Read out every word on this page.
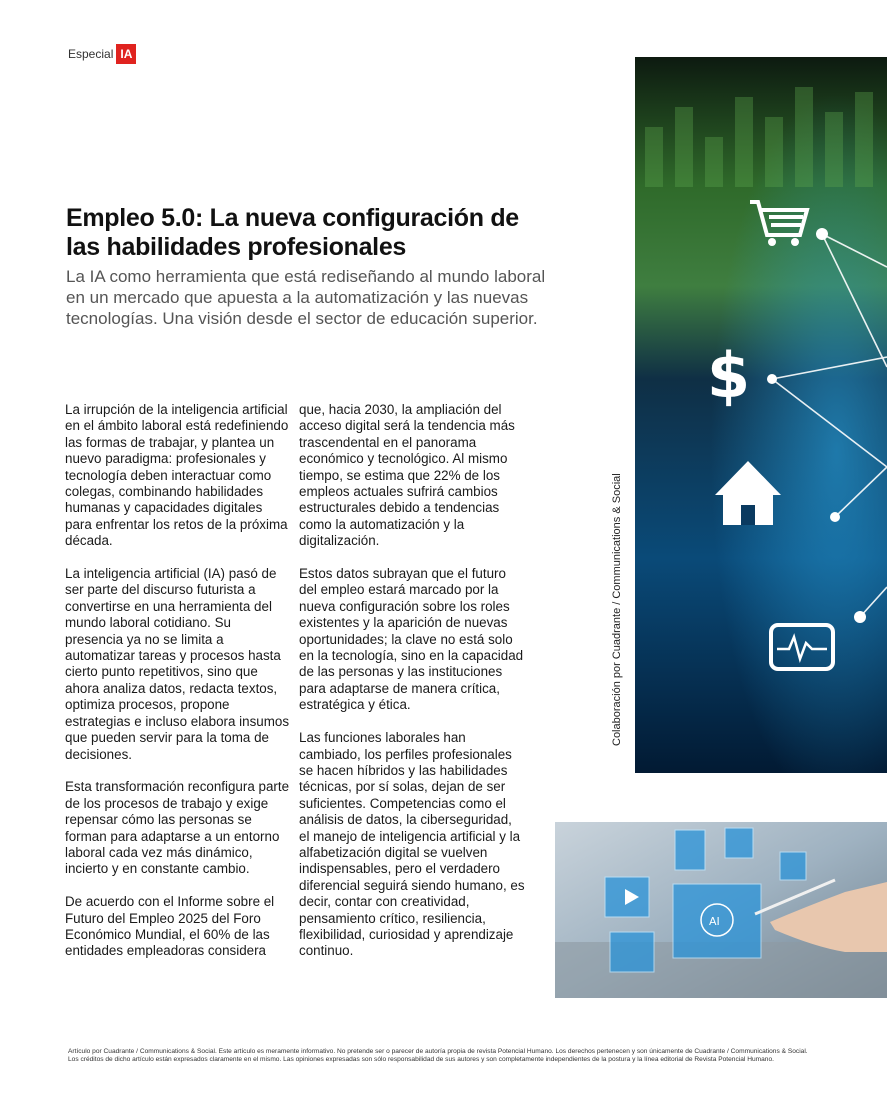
Especial IA
Empleo 5.0: La nueva configuración de las habilidades profesionales

La IA como herramienta que está rediseñando al mundo laboral en un mercado que apuesta a la automatización y las nuevas tecnologías. Una visión desde el sector de educación superior.

La irrupción de la inteligencia artificial en el ámbito laboral está redefiniendo las formas de trabajar, y plantea un nuevo paradigma: profesionales y tecnología deben interactuar como colegas, combinando habilidades humanas y capacidades digitales para enfrentar los retos de la próxima década.

La inteligencia artificial (IA) pasó de ser parte del discurso futurista a convertirse en una herramienta del mundo laboral cotidiano. Su presencia ya no se limita a automatizar tareas y procesos hasta cierto punto repetitivos, sino que ahora analiza datos, redacta textos, optimiza procesos, propone estrategias e incluso elabora insumos que pueden servir para la toma de decisiones.

Esta transformación reconfigura parte de los procesos de trabajo y exige repensar cómo las personas se forman para adaptarse a un entorno laboral cada vez más dinámico, incierto y en constante cambio.

De acuerdo con el Informe sobre el Futuro del Empleo 2025 del Foro Económico Mundial, el 60% de las entidades empleadoras considera

que, hacia 2030, la ampliación del acceso digital será la tendencia más trascendental en el panorama económico y tecnológico. Al mismo tiempo, se estima que 22% de los empleos actuales sufrirá cambios estructurales debido a tendencias como la automatización y la digitalización.

Estos datos subrayan que el futuro del empleo estará marcado por la nueva configuración sobre los roles existentes y la aparición de nuevas oportunidades; la clave no está solo en la tecnología, sino en la capacidad de las personas y las instituciones para adaptarse de manera crítica, estratégica y ética.

Las funciones laborales han cambiado, los perfiles profesionales se hacen híbridos y las habilidades técnicas, por sí solas, dejan de ser suficientes. Competencias como el análisis de datos, la ciberseguridad, el manejo de inteligencia artificial y la alfabetización digital se vuelven indispensables, pero el verdadero diferencial seguirá siendo humano, es decir, contar con creatividad, pensamiento crítico, resiliencia, flexibilidad, curiosidad y aprendizaje continuo.

Colaboración por Cuadrante / Communications & Social
$
AI

Artículo por Cuadrante / Communications & Social. Este artículo es meramente informativo. No pretende ser o parecer de autoría propia de revista Potencial Humano. Los derechos pertenecen y son únicamente de Cuadrante / Communications & Social. Los créditos de dicho artículo están expresados claramente en el mismo. Las opiniones expresadas son sólo responsabilidad de sus autores y son completamente independientes de la postura y la línea editorial de Revista Potencial Humano.
